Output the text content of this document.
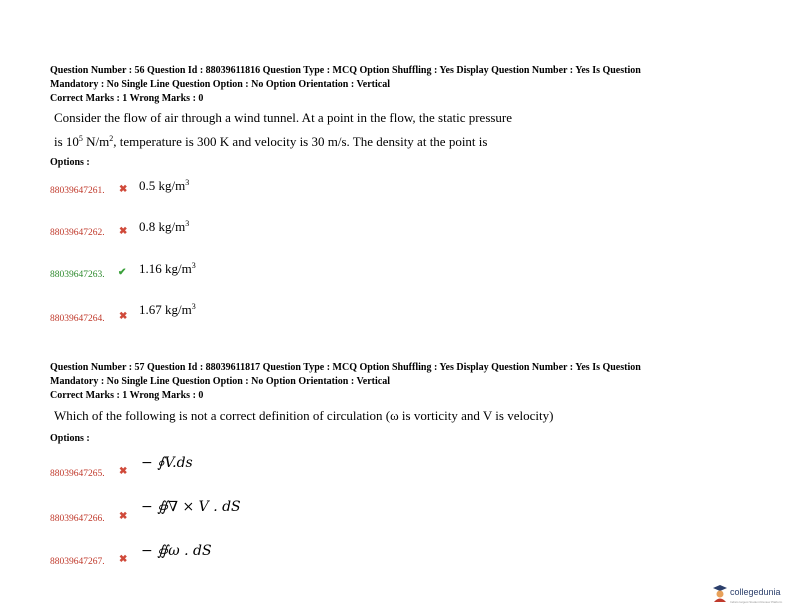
Question Number : 56 Question Id : 88039611816 Question Type : MCQ Option Shuffling : Yes Display Question Number : Yes Is Question
Mandatory : No Single Line Question Option : No Option Orientation : Vertical
Correct Marks : 1 Wrong Marks : 0

Consider the flow of air through a wind tunnel. At a point in the flow, the static pressure

is $10^5$ $N/m^2$, temperature is 300 K and velocity is 30 m/s. The density at the point is

Options :
88039647261. ✖ 0.5 $kg/m^3$
88039647262. ✖ 0.8 $kg/m^3$
88039647263. ✔ 1.16 $kg/m^3$
88039647264. ✖ 1.67 $kg/m^3$
Question Number : 57 Question Id : 88039611817 Question Type : MCQ Option Shuffling : Yes Display Question Number : Yes Is Question
Mandatory : No Single Line Question Option : No Option Orientation : Vertical
Correct Marks : 1 Wrong Marks : 0

Which of the following is not a correct definition of circulation (ω is vorticity and V is velocity)

Options :
88039647265. ✖
− ∮V.ds
88039647266. ✖
− ∯∇ × V . dS
88039647267. ✖
− ∯ω . dS
collegedunia
India's largest Student Review Platform
